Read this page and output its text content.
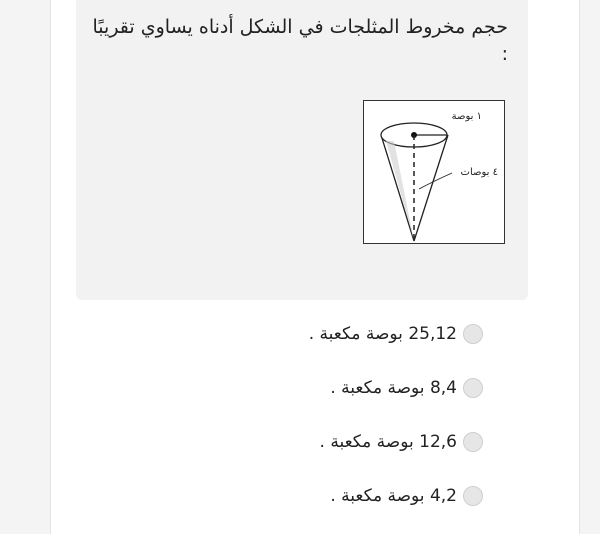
حجم مخروط المثلجات في الشكل أدناه يساوي تقريبًا :
١ بوصة
٤ بوصات
25,12 بوصة مكعبة .
8,4 بوصة مكعبة .
12,6 بوصة مكعبة .
4,2 بوصة مكعبة .
